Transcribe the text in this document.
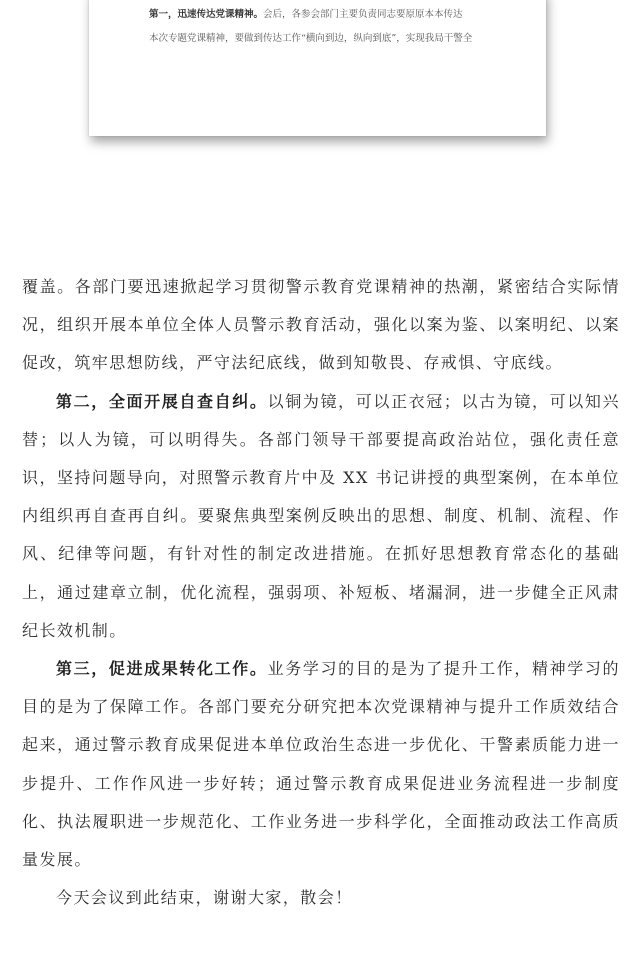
第一，迅速传达党课精神。会后，各参会部门主要负责同志要原原本本传达
本次专题党课精神，要做到传达工作“横向到边，纵向到底”，实现我局干警全

覆盖。各部门要迅速掀起学习贯彻警示教育党课精神的热潮，紧密结合实际情况，组织开展本单位全体人员警示教育活动，强化以案为鉴、以案明纪、以案促改，筑牢思想防线，严守法纪底线，做到知敬畏、存戒惧、守底线。

第二，全面开展自查自纠。以铜为镜，可以正衣冠；以古为镜，可以知兴替；以人为镜，可以明得失。各部门领导干部要提高政治站位，强化责任意识，坚持问题导向，对照警示教育片中及 XX 书记讲授的典型案例，在本单位内组织再自查再自纠。要聚焦典型案例反映出的思想、制度、机制、流程、作风、纪律等问题，有针对性的制定改进措施。在抓好思想教育常态化的基础上，通过建章立制，优化流程，强弱项、补短板、堵漏洞，进一步健全正风肃纪长效机制。

第三，促进成果转化工作。业务学习的目的是为了提升工作，精神学习的目的是为了保障工作。各部门要充分研究把本次党课精神与提升工作质效结合起来，通过警示教育成果促进本单位政治生态进一步优化、干警素质能力进一步提升、工作作风进一步好转；通过警示教育成果促进业务流程进一步制度化、执法履职进一步规范化、工作业务进一步科学化，全面推动政法工作高质量发展。

今天会议到此结束，谢谢大家，散会！
